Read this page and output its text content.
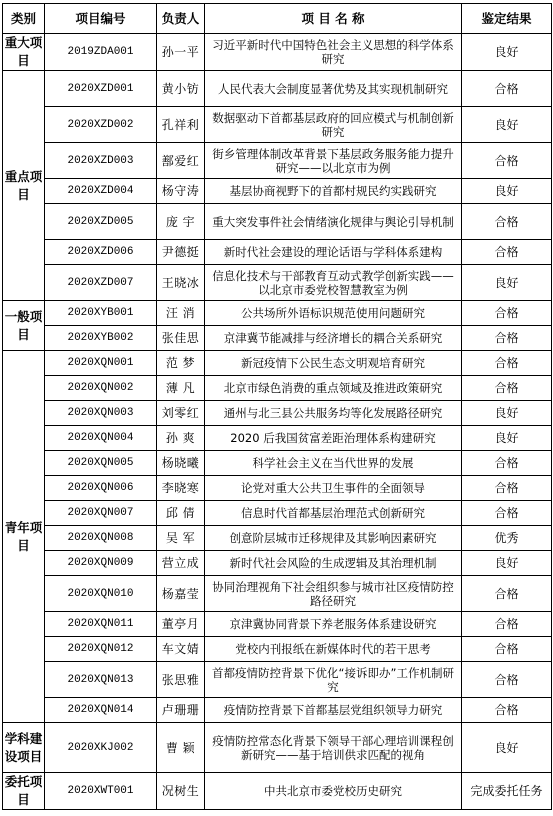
类别	项目编号	负责人	项 目 名 称	鉴定结果
重大项目	2019ZDA001	孙一平	习近平新时代中国特色社会主义思想的科学体系研究	良好
重点项目	2020XZD001	黄小钫	人民代表大会制度显著优势及其实现机制研究	合格
	2020XZD002	孔祥利	数据驱动下首都基层政府的回应模式与机制创新研究	良好
	2020XZD003	鄯爱红	街乡管理体制改革背景下基层政务服务能力提升研究——以北京市为例	合格
	2020XZD004	杨守涛	基层协商视野下的首都村规民约实践研究	良好
	2020XZD005	庞 宇	重大突发事件社会情绪演化规律与舆论引导机制	合格
	2020XZD006	尹德挺	新时代社会建设的理论话语与学科体系建构	合格
	2020XZD007	王晓冰	信息化技术与干部教育互动式教学创新实践——以北京市委党校智慧教室为例	良好
一般项目	2020XYB001	汪 消	公共场所外语标识规范使用问题研究	合格
	2020XYB002	张佳思	京津冀节能减排与经济增长的耦合关系研究	合格
青年项目	2020XQN001	范 梦	新冠疫情下公民生态文明观培育研究	合格
	2020XQN002	薄 凡	北京市绿色消费的重点领域及推进政策研究	合格
	2020XQN003	刘零红	通州与北三县公共服务均等化发展路径研究	良好
	2020XQN004	孙 爽	2020 后我国贫富差距治理体系构建研究	良好
	2020XQN005	杨晓曦	科学社会主义在当代世界的发展	合格
	2020XQN006	李晓寒	论党对重大公共卫生事件的全面领导	合格
	2020XQN007	邱 倩	信息时代首都基层治理范式创新研究	合格
	2020XQN008	吴 军	创意阶层城市迁移规律及其影响因素研究	优秀
	2020XQN009	营立成	新时代社会风险的生成逻辑及其治理机制	良好
	2020XQN010	杨嘉莹	协同治理视角下社会组织参与城市社区疫情防控路径研究	合格
	2020XQN011	董亭月	京津冀协同背景下养老服务体系建设研究	合格
	2020XQN012	车文婧	党校内刊报纸在新媒体时代的若干思考	合格
	2020XQN013	张思雅	首都疫情防控背景下优化“接诉即办”工作机制研究	合格
	2020XQN014	卢珊珊	疫情防控背景下首都基层党组织领导力研究	合格
学科建设项目	2020XKJ002	曹 颖	疫情防控常态化背景下领导干部心理培训课程创新研究——基于培训供求匹配的视角	良好
委托项目	2020XWT001	况树生	中共北京市委党校历史研究	完成委托任务
